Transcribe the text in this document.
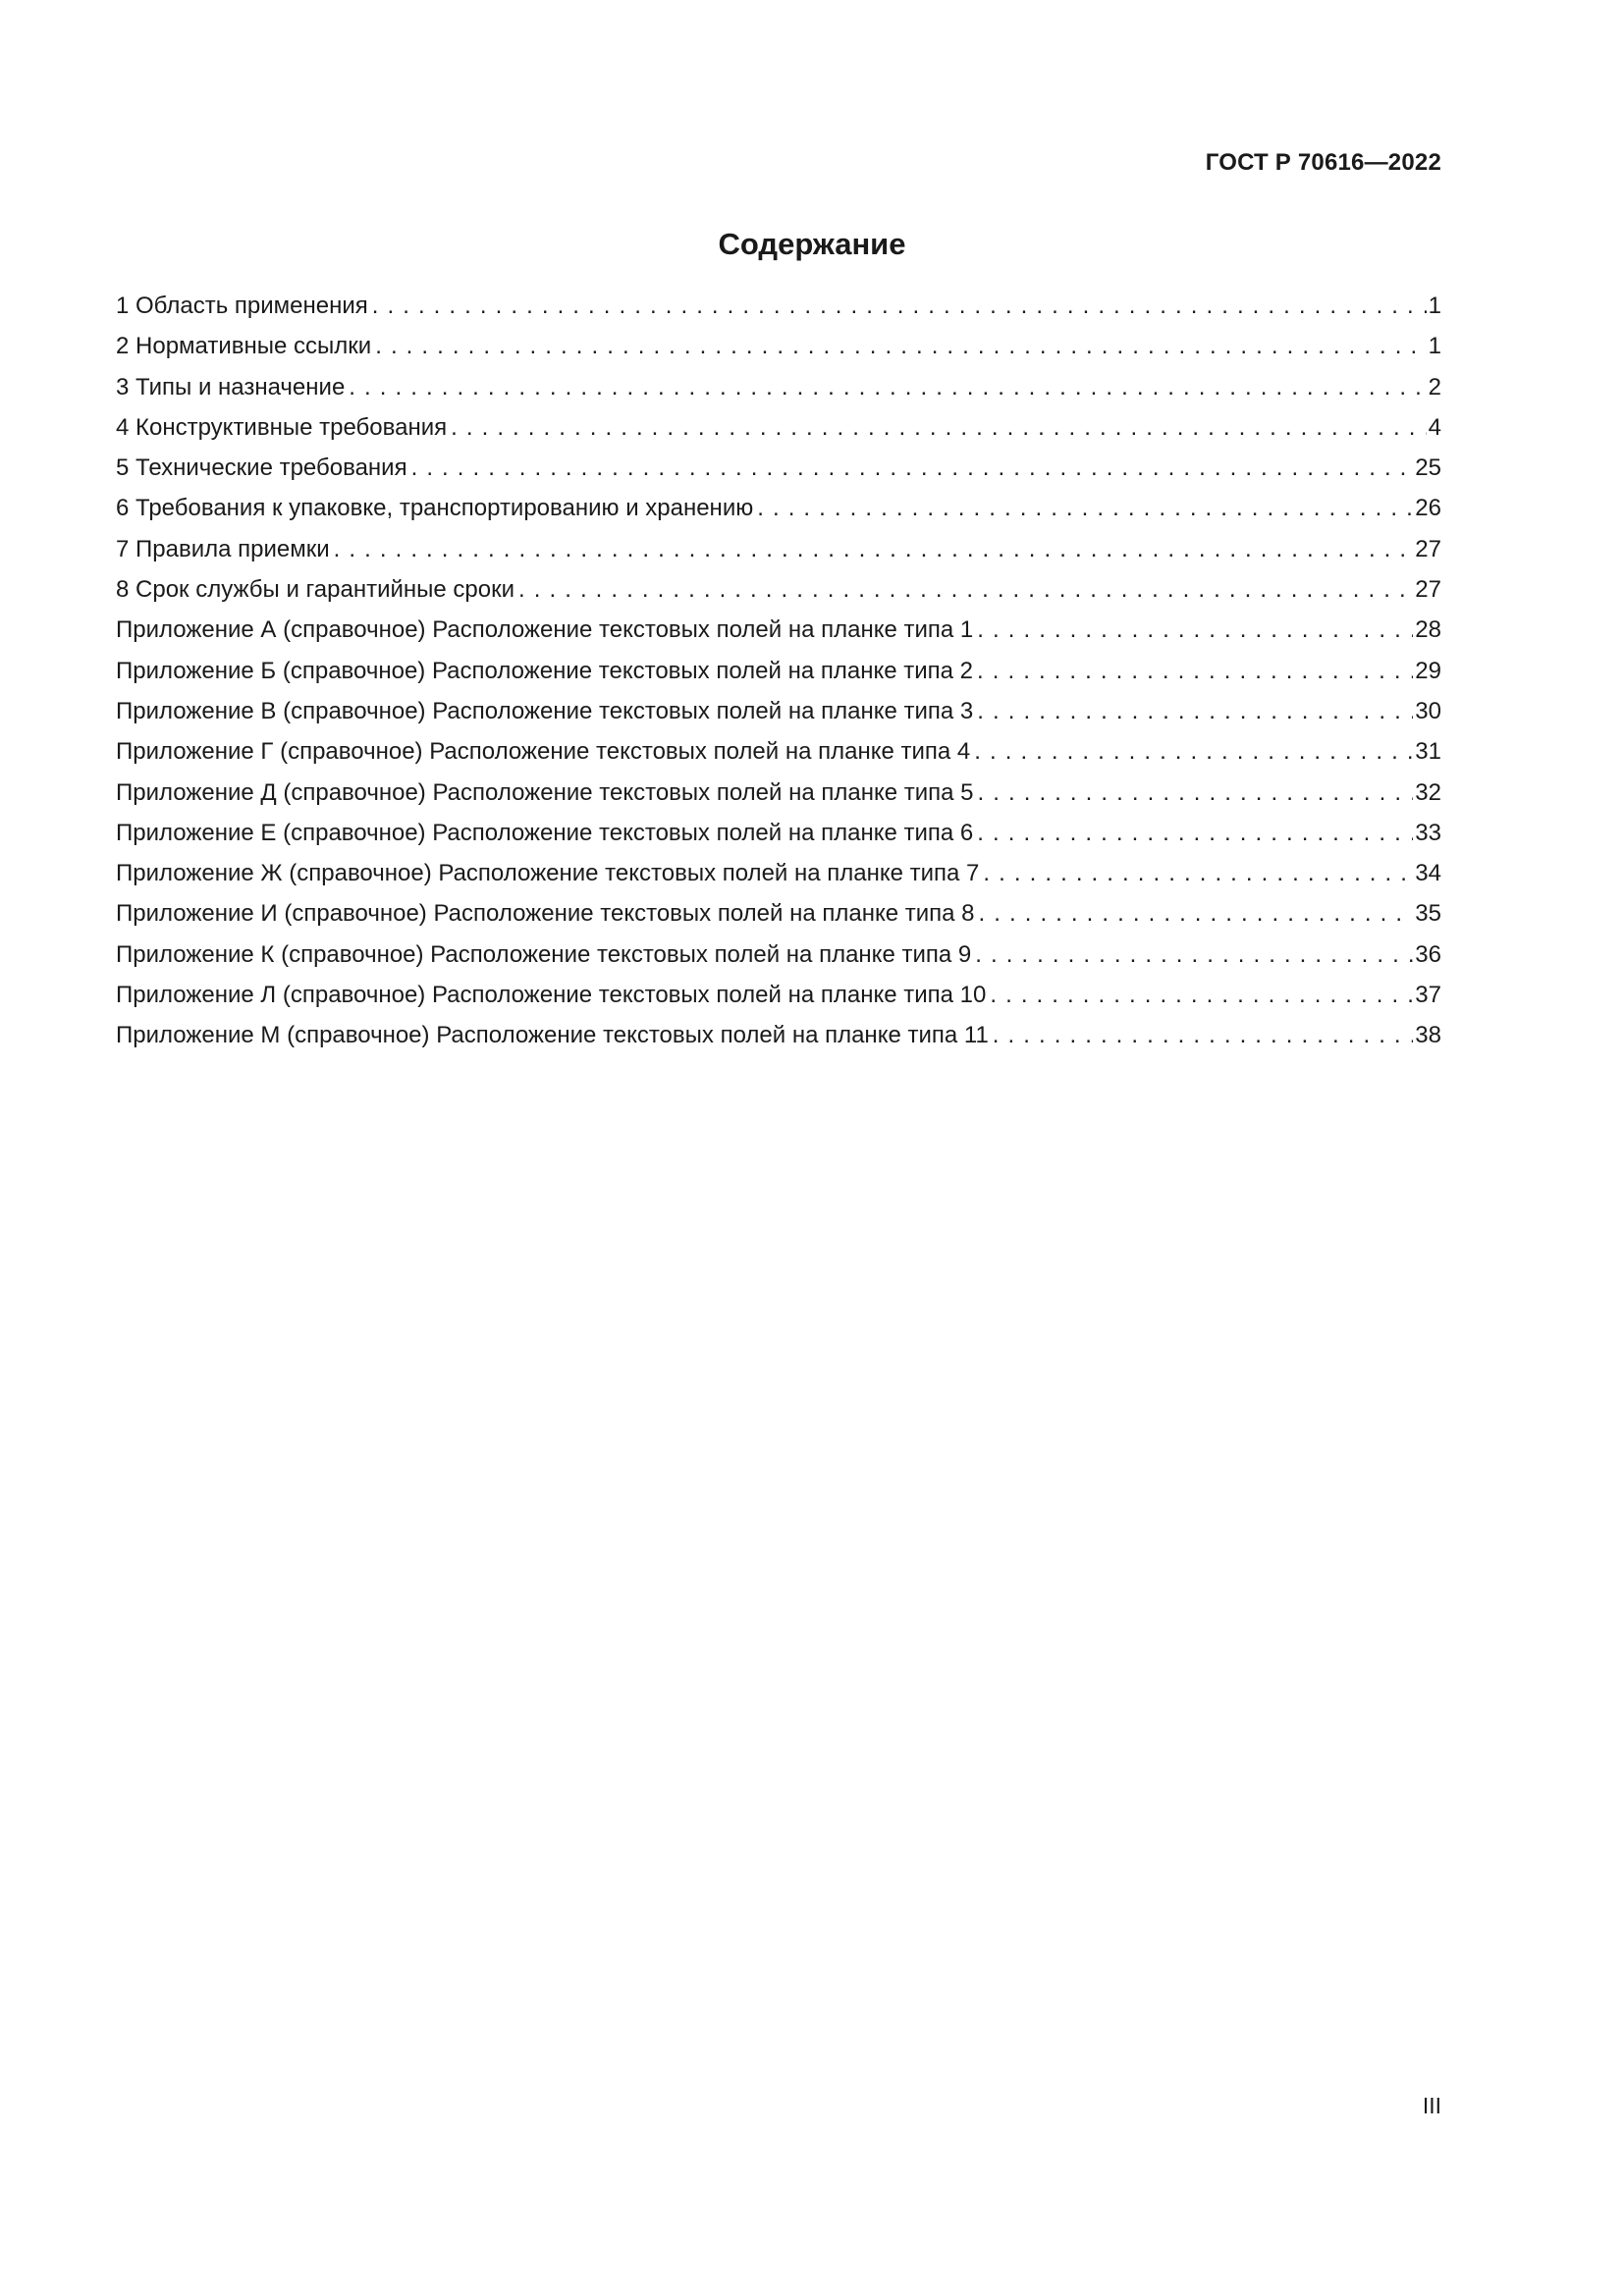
ГОСТ Р 70616—2022
Содержание
1 Область применения . . .	1
2 Нормативные ссылки . . .	1
3 Типы и назначение . . .	2
4 Конструктивные требования . . .	4
5 Технические требования . . .	25
6 Требования к упаковке, транспортированию и хранению . . .	26
7 Правила приемки . . .	27
8 Срок службы и гарантийные сроки . . .	27
Приложение А (справочное) Расположение текстовых полей на планке типа 1 . . .	28
Приложение Б (справочное) Расположение текстовых полей на планке типа 2 . . .	29
Приложение В (справочное) Расположение текстовых полей на планке типа 3 . . .	30
Приложение Г (справочное) Расположение текстовых полей на планке типа 4 . . .	31
Приложение Д (справочное) Расположение текстовых полей на планке типа 5 . . .	32
Приложение Е (справочное) Расположение текстовых полей на планке типа 6 . . .	33
Приложение Ж (справочное) Расположение текстовых полей на планке типа 7 . . .	34
Приложение И (справочное) Расположение текстовых полей на планке типа 8 . . .	35
Приложение К (справочное) Расположение текстовых полей на планке типа 9 . . .	36
Приложение Л (справочное) Расположение текстовых полей на планке типа 10 . . .	37
Приложение М (справочное) Расположение текстовых полей на планке типа 11 . . .	38
III
